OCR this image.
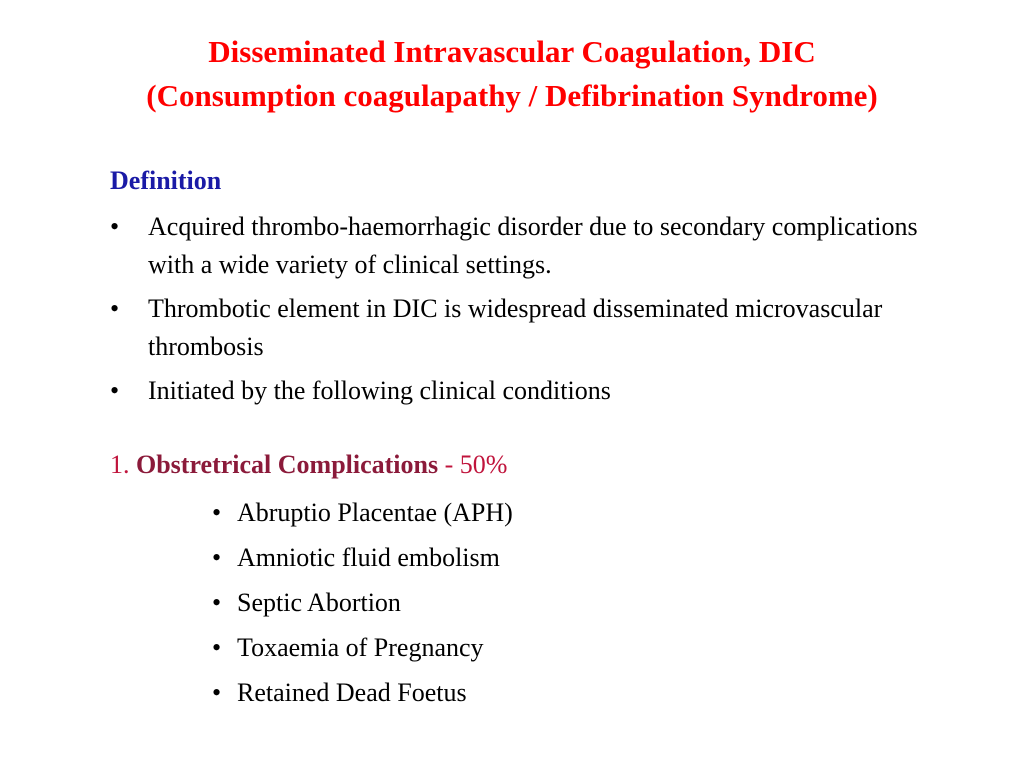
Disseminated Intravascular Coagulation, DIC
(Consumption coagulapathy / Defibrination Syndrome)
Definition
• Acquired thrombo-haemorrhagic disorder due to secondary complications with a wide variety of clinical settings.
• Thrombotic element in DIC is widespread disseminated microvascular thrombosis
• Initiated by the following clinical conditions
1. Obstretrical Complications - 50%
• Abruptio Placentae (APH)
• Amniotic fluid embolism
• Septic Abortion
• Toxaemia of Pregnancy
• Retained Dead Foetus
